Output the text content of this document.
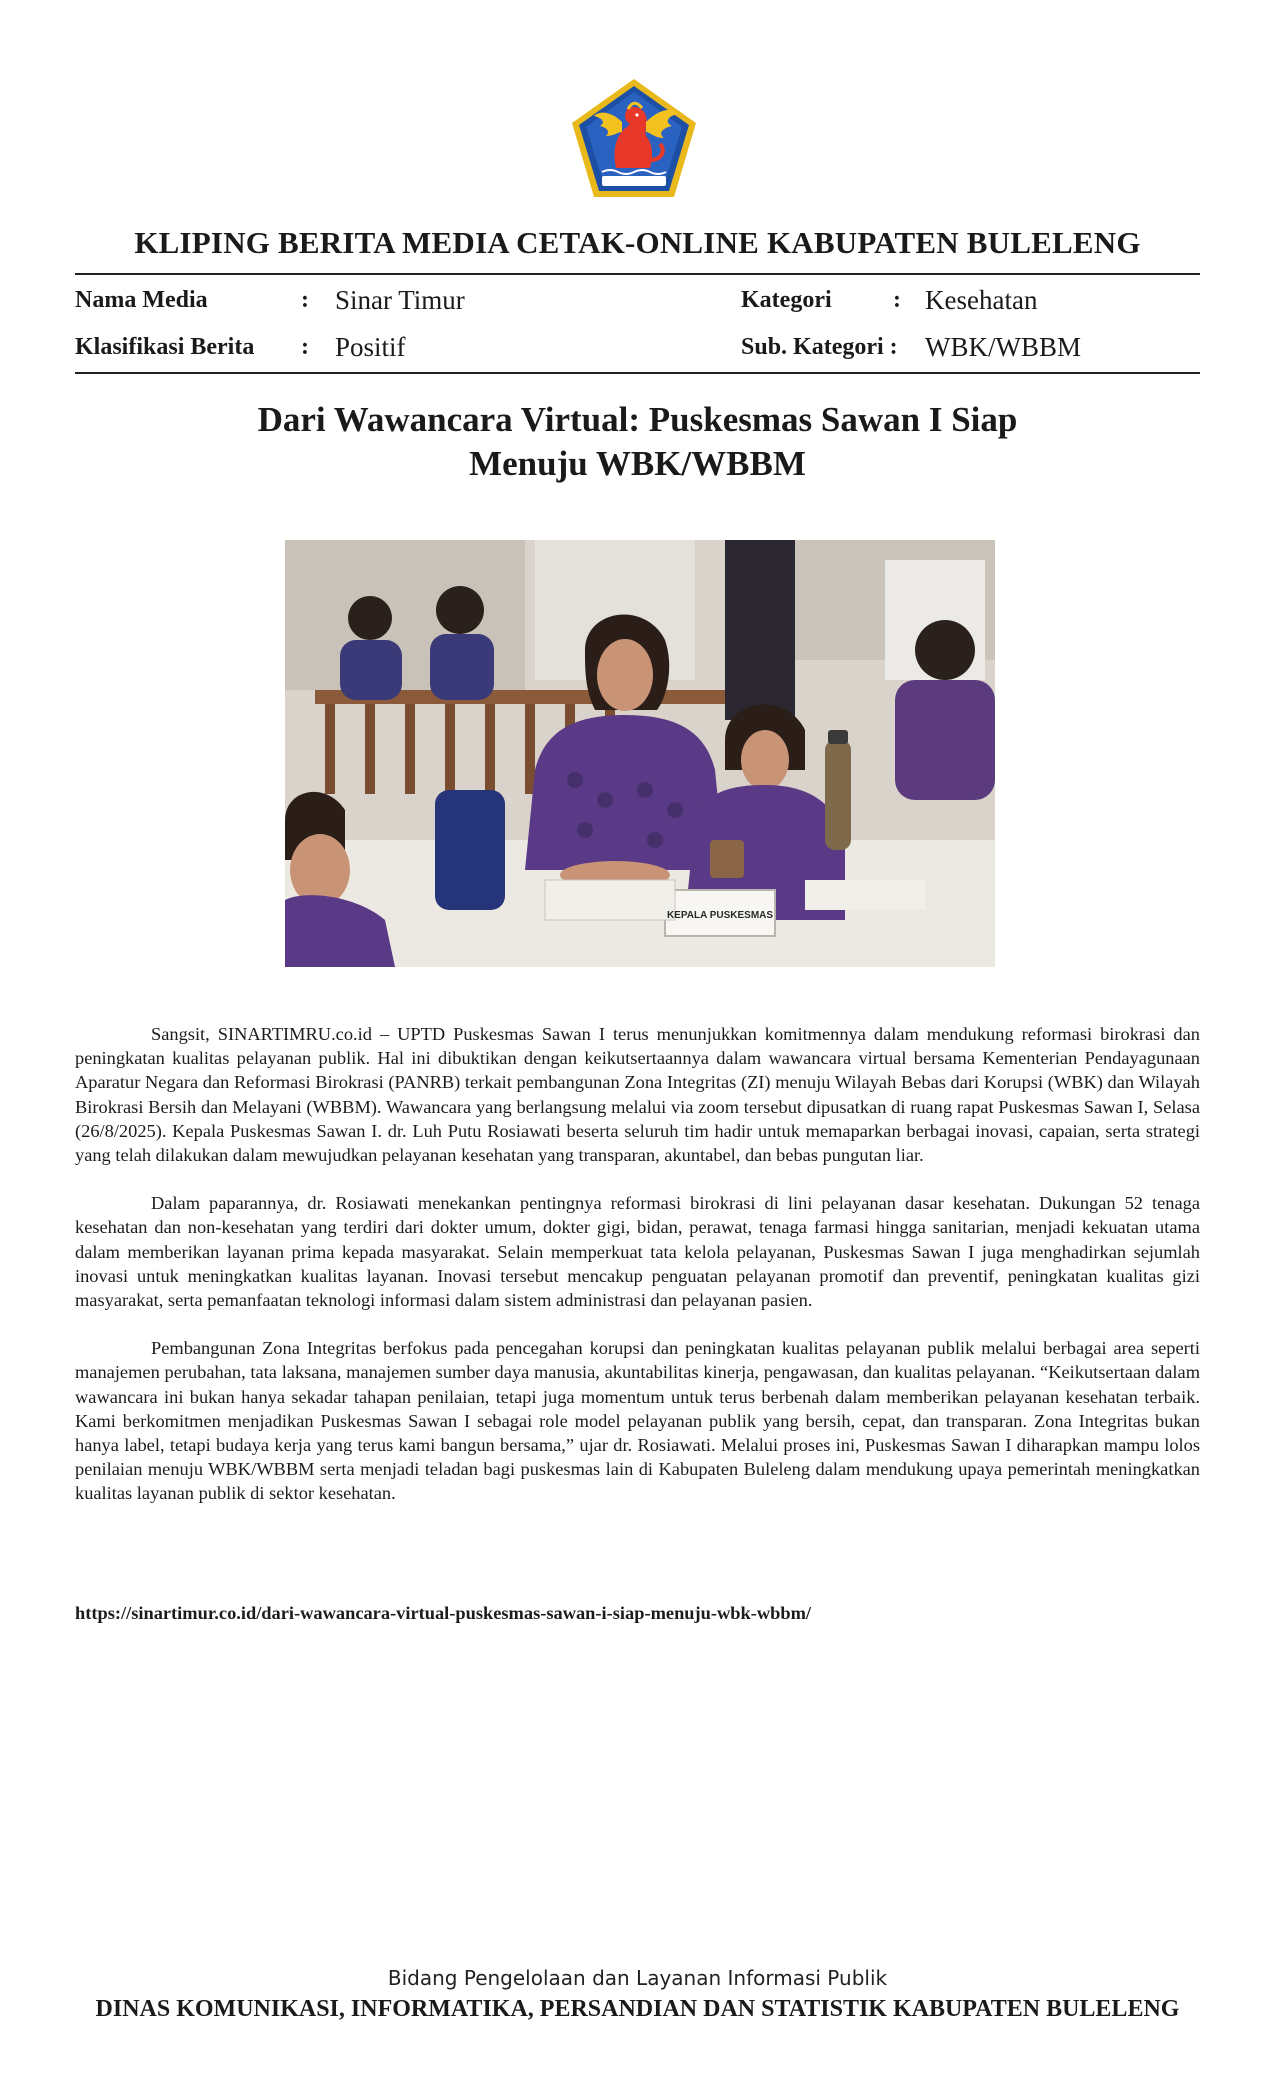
KLIPING BERITA MEDIA CETAK-ONLINE KABUPATEN BULELENG
Nama Media	: Sinar Timur	Kategori	: Kesehatan
Klasifikasi Berita : Positif	Sub. Kategori : WBK/WBBM
Dari Wawancara Virtual: Puskesmas Sawan I Siap
Menuju WBK/WBBM
KEPALA PUSKESMAS

Sangsit, SINARTIMRU.co.id – UPTD Puskesmas Sawan I terus menunjukkan komitmennya dalam mendukung reformasi birokrasi dan peningkatan kualitas pelayanan publik. Hal ini dibuktikan dengan keikutsertaannya dalam wawancara virtual bersama Kementerian Pendayagunaan Aparatur Negara dan Reformasi Birokrasi (PANRB) terkait pembangunan Zona Integritas (ZI) menuju Wilayah Bebas dari Korupsi (WBK) dan Wilayah Birokrasi Bersih dan Melayani (WBBM). Wawancara yang berlangsung melalui via zoom tersebut dipusatkan di ruang rapat Puskesmas Sawan I, Selasa (26/8/2025). Kepala Puskesmas Sawan I. dr. Luh Putu Rosiawati beserta seluruh tim hadir untuk memaparkan berbagai inovasi, capaian, serta strategi yang telah dilakukan dalam mewujudkan pelayanan kesehatan yang transparan, akuntabel, dan bebas pungutan liar.

Dalam paparannya, dr. Rosiawati menekankan pentingnya reformasi birokrasi di lini pelayanan dasar kesehatan. Dukungan 52 tenaga kesehatan dan non-kesehatan yang terdiri dari dokter umum, dokter gigi, bidan, perawat, tenaga farmasi hingga sanitarian, menjadi kekuatan utama dalam memberikan layanan prima kepada masyarakat. Selain memperkuat tata kelola pelayanan, Puskesmas Sawan I juga menghadirkan sejumlah inovasi untuk meningkatkan kualitas layanan. Inovasi tersebut mencakup penguatan pelayanan promotif dan preventif, peningkatan kualitas gizi masyarakat, serta pemanfaatan teknologi informasi dalam sistem administrasi dan pelayanan pasien.

Pembangunan Zona Integritas berfokus pada pencegahan korupsi dan peningkatan kualitas pelayanan publik melalui berbagai area seperti manajemen perubahan, tata laksana, manajemen sumber daya manusia, akuntabilitas kinerja, pengawasan, dan kualitas pelayanan. “Keikutsertaan dalam wawancara ini bukan hanya sekadar tahapan penilaian, tetapi juga momentum untuk terus berbenah dalam memberikan pelayanan kesehatan terbaik. Kami berkomitmen menjadikan Puskesmas Sawan I sebagai role model pelayanan publik yang bersih, cepat, dan transparan. Zona Integritas bukan hanya label, tetapi budaya kerja yang terus kami bangun bersama,” ujar dr. Rosiawati. Melalui proses ini, Puskesmas Sawan I diharapkan mampu lolos penilaian menuju WBK/WBBM serta menjadi teladan bagi puskesmas lain di Kabupaten Buleleng dalam mendukung upaya pemerintah meningkatkan kualitas layanan publik di sektor kesehatan.

https://sinartimur.co.id/dari-wawancara-virtual-puskesmas-sawan-i-siap-menuju-wbk-wbbm/
Bidang Pengelolaan dan Layanan Informasi Publik
DINAS KOMUNIKASI, INFORMATIKA, PERSANDIAN DAN STATISTIK KABUPATEN BULELENG
